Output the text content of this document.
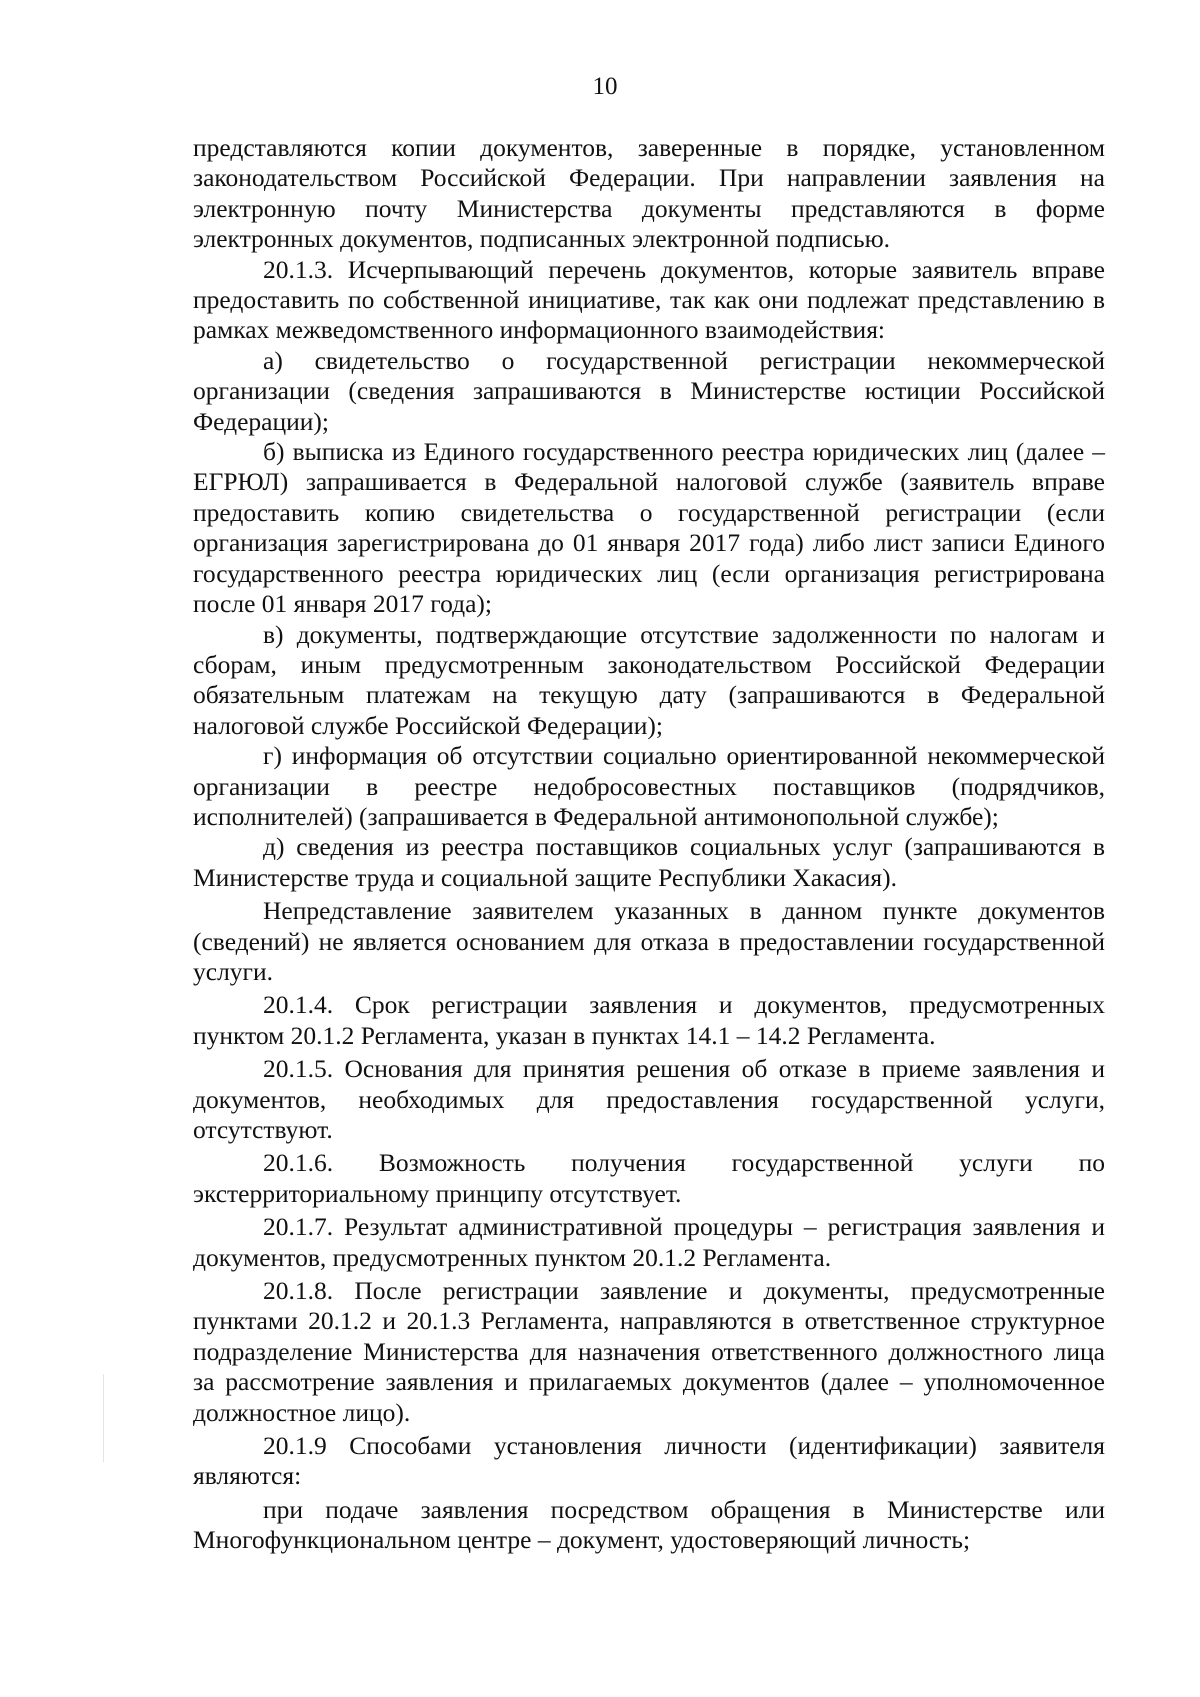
10

представляются копии документов, заверенные в порядке, установленном законодательством Российской Федерации. При направлении заявления на электронную почту Министерства документы представляются в форме электронных документов, подписанных электронной подписью.

20.1.3. Исчерпывающий перечень документов, которые заявитель вправе предоставить по собственной инициативе, так как они подлежат представлению в рамках межведомственного информационного взаимодействия:

а) свидетельство о государственной регистрации некоммерческой организации (сведения запрашиваются в Министерстве юстиции Российской Федерации);

б) выписка из Единого государственного реестра юридических лиц (далее – ЕГРЮЛ) запрашивается в Федеральной налоговой службе (заявитель вправе предоставить копию свидетельства о государственной регистрации (если организация зарегистрирована до 01 января 2017 года) либо лист записи Единого государственного реестра юридических лиц (если организация регистрирована после 01 января 2017 года);

в) документы, подтверждающие отсутствие задолженности по налогам и сборам, иным предусмотренным законодательством Российской Федерации обязательным платежам на текущую дату (запрашиваются в Федеральной налоговой службе Российской Федерации);

г) информация об отсутствии социально ориентированной некоммерческой организации в реестре недобросовестных поставщиков (подрядчиков, исполнителей) (запрашивается в Федеральной антимонопольной службе);

д) сведения из реестра поставщиков социальных услуг (запрашиваются в Министерстве труда и социальной защите Республики Хакасия).

Непредставление заявителем указанных в данном пункте документов (сведений) не является основанием для отказа в предоставлении государственной услуги.

20.1.4. Срок регистрации заявления и документов, предусмотренных пунктом 20.1.2 Регламента, указан в пунктах 14.1 – 14.2 Регламента.

20.1.5. Основания для принятия решения об отказе в приеме заявления и документов, необходимых для предоставления государственной услуги, отсутствуют.

20.1.6. Возможность получения государственной услуги по экстерриториальному принципу отсутствует.

20.1.7. Результат административной процедуры – регистрация заявления и документов, предусмотренных пунктом 20.1.2 Регламента.

20.1.8. После регистрации заявление и документы, предусмотренные пунктами 20.1.2 и 20.1.3 Регламента, направляются в ответственное структурное подразделение Министерства для назначения ответственного должностного лица за рассмотрение заявления и прилагаемых документов (далее – уполномоченное должностное лицо).

20.1.9 Способами установления личности (идентификации) заявителя являются:

при подаче заявления посредством обращения в Министерстве или Многофункциональном центре – документ, удостоверяющий личность;
